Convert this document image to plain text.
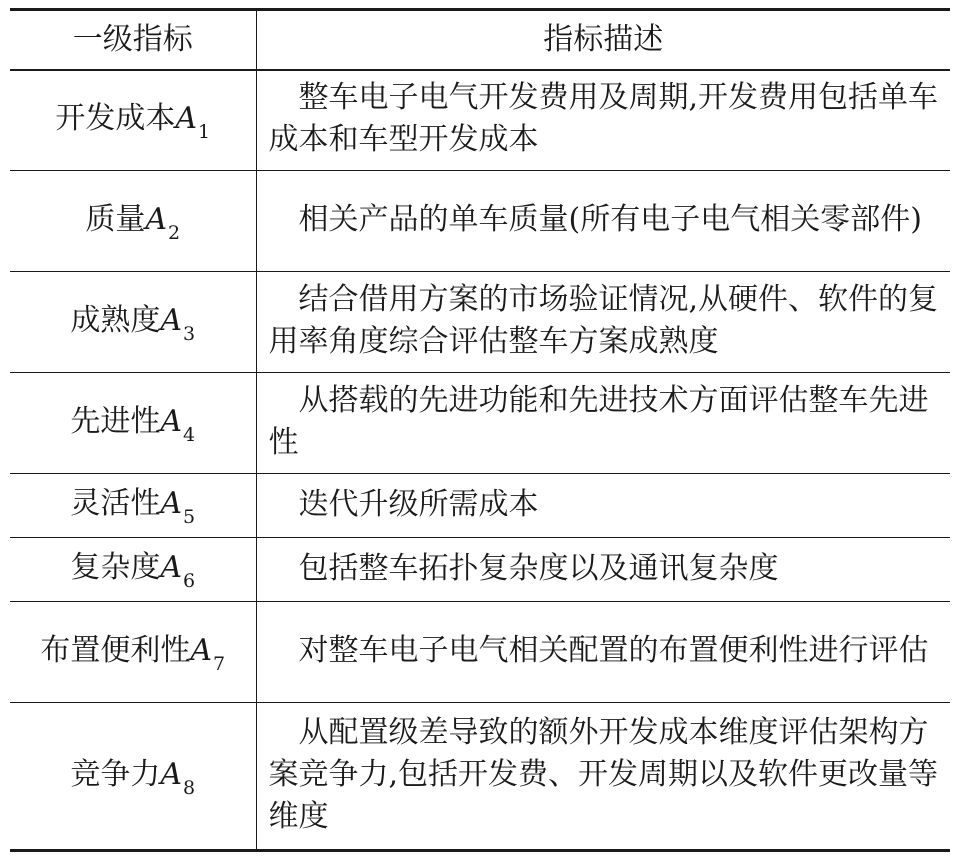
一级指标	指标描述
开发成本$A_1$	整车电子电气开发费用及周期,开发费用包括单车成本和车型开发成本
质量$A_2$	相关产品的单车质量(所有电子电气相关零部件)
成熟度$A_3$	结合借用方案的市场验证情况,从硬件、软件的复用率角度综合评估整车方案成熟度
先进性$A_4$	从搭载的先进功能和先进技术方面评估整车先进性
灵活性$A_5$	迭代升级所需成本
复杂度$A_6$	包括整车拓扑复杂度以及通讯复杂度
布置便利性$A_7$	对整车电子电气相关配置的布置便利性进行评估
竞争力$A_8$	从配置级差导致的额外开发成本维度评估架构方案竞争力,包括开发费、开发周期以及软件更改量等维度
